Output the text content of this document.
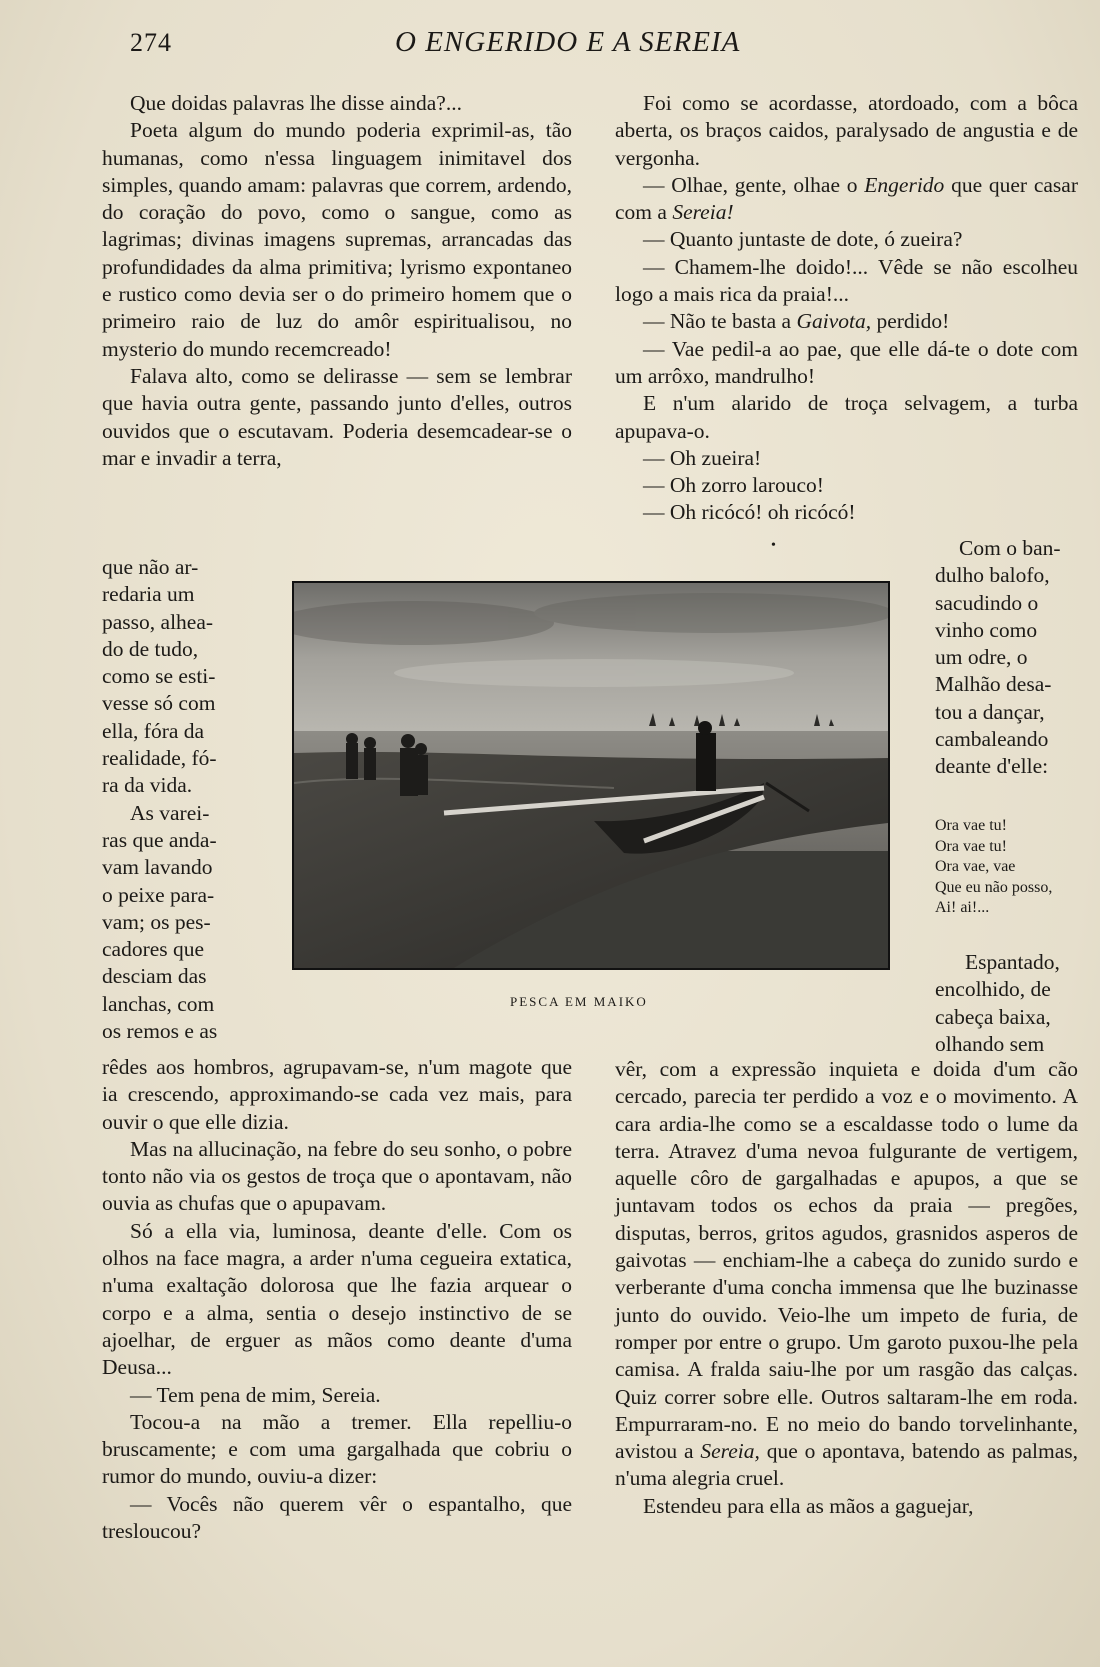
274	O ENGERIDO E A SEREIA

Que doidas palavras lhe disse ainda?...

Poeta algum do mundo poderia exprimil-as, tão humanas, como n'essa linguagem inimitavel dos simples, quando amam: palavras que correm, ardendo, do coração do povo, como o sangue, como as lagrimas; divinas imagens supremas, arrancadas das profundidades da alma primitiva; lyrismo expontaneo e rustico como devia ser o do primeiro homem que o primeiro raio de luz do amôr espiritualisou, no mysterio do mundo recemcreado!

Falava alto, como se delirasse — sem se lembrar que havia outra gente, passando junto d'elles, outros ouvidos que o escutavam. Poderia desemcadear-se o mar e invadir a terra,

que não ar-
redaria um
passo, alhea-
do de tudo,
como se esti-
vesse só com
ella, fóra da
realidade, fó-
ra da vida.
As varei-
ras que anda-
vam lavando
o peixe para-
vam; os pes-
cadores que
desciam das
lanchas, com
os remos e as

rêdes aos hombros, agrupavam-se, n'um magote que ia crescendo, approximando-se cada vez mais, para ouvir o que elle dizia.

Mas na allucinação, na febre do seu sonho, o pobre tonto não via os gestos de troça que o apontavam, não ouvia as chufas que o apupavam.

Só a ella via, luminosa, deante d'elle. Com os olhos na face magra, a arder n'uma cegueira extatica, n'uma exaltação dolorosa que lhe fazia arquear o corpo e a alma, sentia o desejo instinctivo de se ajoelhar, de erguer as mãos como deante d'uma Deusa...

— Tem pena de mim, Sereia.

Tocou-a na mão a tremer. Ella repelliu-o bruscamente; e com uma gargalhada que cobriu o rumor do mundo, ouviu-a dizer:

— Vocês não querem vêr o espantalho, que tresloucou?

Foi como se acordasse, atordoado, com a bôca aberta, os braços caidos, paralysado de angustia e de vergonha.

— Olhae, gente, olhae o Engerido que quer casar com a Sereia!

— Quanto juntaste de dote, ó zueira?

— Chamem-lhe doido!... Vêde se não escolheu logo a mais rica da praia!...

— Não te basta a Gaivota, perdido!

— Vae pedil-a ao pae, que elle dá-te o dote com um arrôxo, mandrulho!

E n'um alarido de troça selvagem, a turba apupava-o.

— Oh zueira!

— Oh zorro larouco!

— Oh ricócó! oh ricócó!

•	Com o ban-
dulho balofo,
sacudindo o
vinho como
um odre, o
Malhão desa-
tou a dançar,
cambaleando
deante d'elle:
Ora vae tu!
Ora vae tu!
Ora vae, vae
Que eu não posso,
Ai! ai!...
Espantado,
encolhido, de
cabeça baixa,
olhando sem

vêr, com a expressão inquieta e doida d'um cão cercado, parecia ter perdido a voz e o movimento. A cara ardia-lhe como se a escaldasse todo o lume da terra. Atravez d'uma nevoa fulgurante de vertigem, aquelle côro de gargalhadas e apupos, a que se juntavam todos os echos da praia — pregões, disputas, berros, gritos agudos, grasnidos asperos de gaivotas — enchiam-lhe a cabeça do zunido surdo e verberante d'uma concha immensa que lhe buzinasse junto do ouvido. Veio-lhe um impeto de furia, de romper por entre o grupo. Um garoto puxou-lhe pela camisa. A fralda saiu-lhe por um rasgão das calças. Quiz correr sobre elle. Outros saltaram-lhe em roda. Empurraram-no. E no meio do bando torvelinhante, avistou a Sereia, que o apontava, batendo as palmas, n'uma alegria cruel.

Estendeu para ella as mãos a gaguejar,

PESCA EM MAIKO
